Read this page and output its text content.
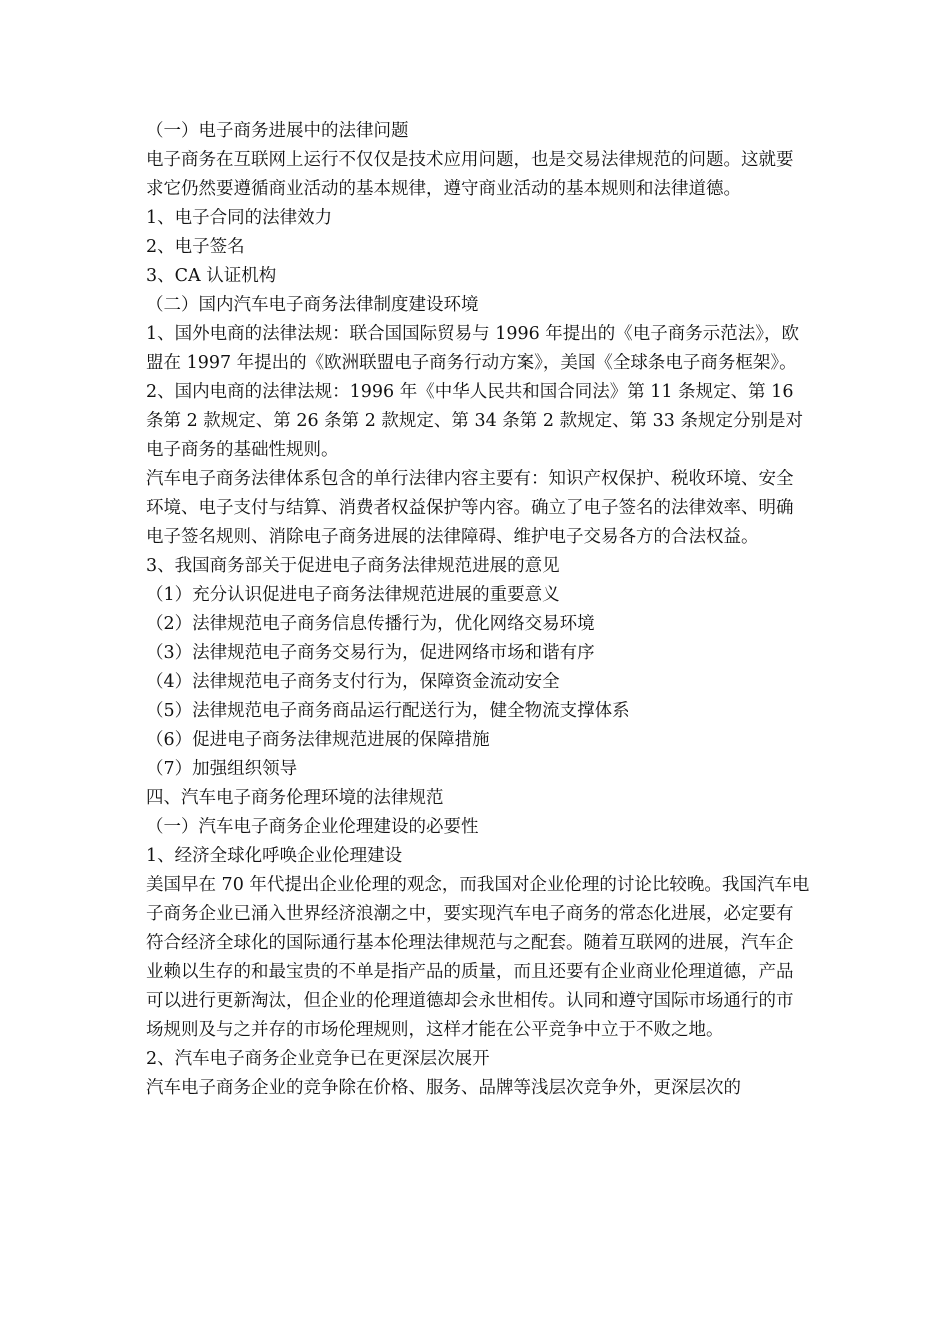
（一）电子商务进展中的法律问题

电子商务在互联网上运行不仅仅是技术应用问题，也是交易法律规范的问题。这就要求它仍然要遵循商业活动的基本规律，遵守商业活动的基本规则和法律道德。

1、电子合同的法律效力

2、电子签名

3、CA 认证机构

（二）国内汽车电子商务法律制度建设环境

1、国外电商的法律法规：联合国国际贸易与 1996 年提出的《电子商务示范法》，欧盟在 1997 年提出的《欧洲联盟电子商务行动方案》，美国《全球条电子商务框架》。

2、国内电商的法律法规：1996 年《中华人民共和国合同法》第 11 条规定、第 16 条第 2 款规定、第 26 条第 2 款规定、第 34 条第 2 款规定、第 33 条规定分别是对电子商务的基础性规则。

汽车电子商务法律体系包含的单行法律内容主要有：知识产权保护、税收环境、安全环境、电子支付与结算、消费者权益保护等内容。确立了电子签名的法律效率、明确电子签名规则、消除电子商务进展的法律障碍、维护电子交易各方的合法权益。

3、我国商务部关于促进电子商务法律规范进展的意见

（1）充分认识促进电子商务法律规范进展的重要意义

（2）法律规范电子商务信息传播行为，优化网络交易环境

（3）法律规范电子商务交易行为，促进网络市场和谐有序

（4）法律规范电子商务支付行为，保障资金流动安全

（5）法律规范电子商务商品运行配送行为，健全物流支撑体系

（6）促进电子商务法律规范进展的保障措施

（7）加强组织领导

四、汽车电子商务伦理环境的法律规范

（一）汽车电子商务企业伦理建设的必要性

1、经济全球化呼唤企业伦理建设

美国早在 70 年代提出企业伦理的观念，而我国对企业伦理的讨论比较晚。我国汽车电子商务企业已涌入世界经济浪潮之中，要实现汽车电子商务的常态化进展，必定要有符合经济全球化的国际通行基本伦理法律规范与之配套。随着互联网的进展，汽车企业赖以生存的和最宝贵的不单是指产品的质量，而且还要有企业商业伦理道德，产品可以进行更新淘汰，但企业的伦理道德却会永世相传。认同和遵守国际市场通行的市场规则及与之并存的市场伦理规则，这样才能在公平竞争中立于不败之地。

2、汽车电子商务企业竞争已在更深层次展开

汽车电子商务企业的竞争除在价格、服务、品牌等浅层次竞争外，更深层次的
